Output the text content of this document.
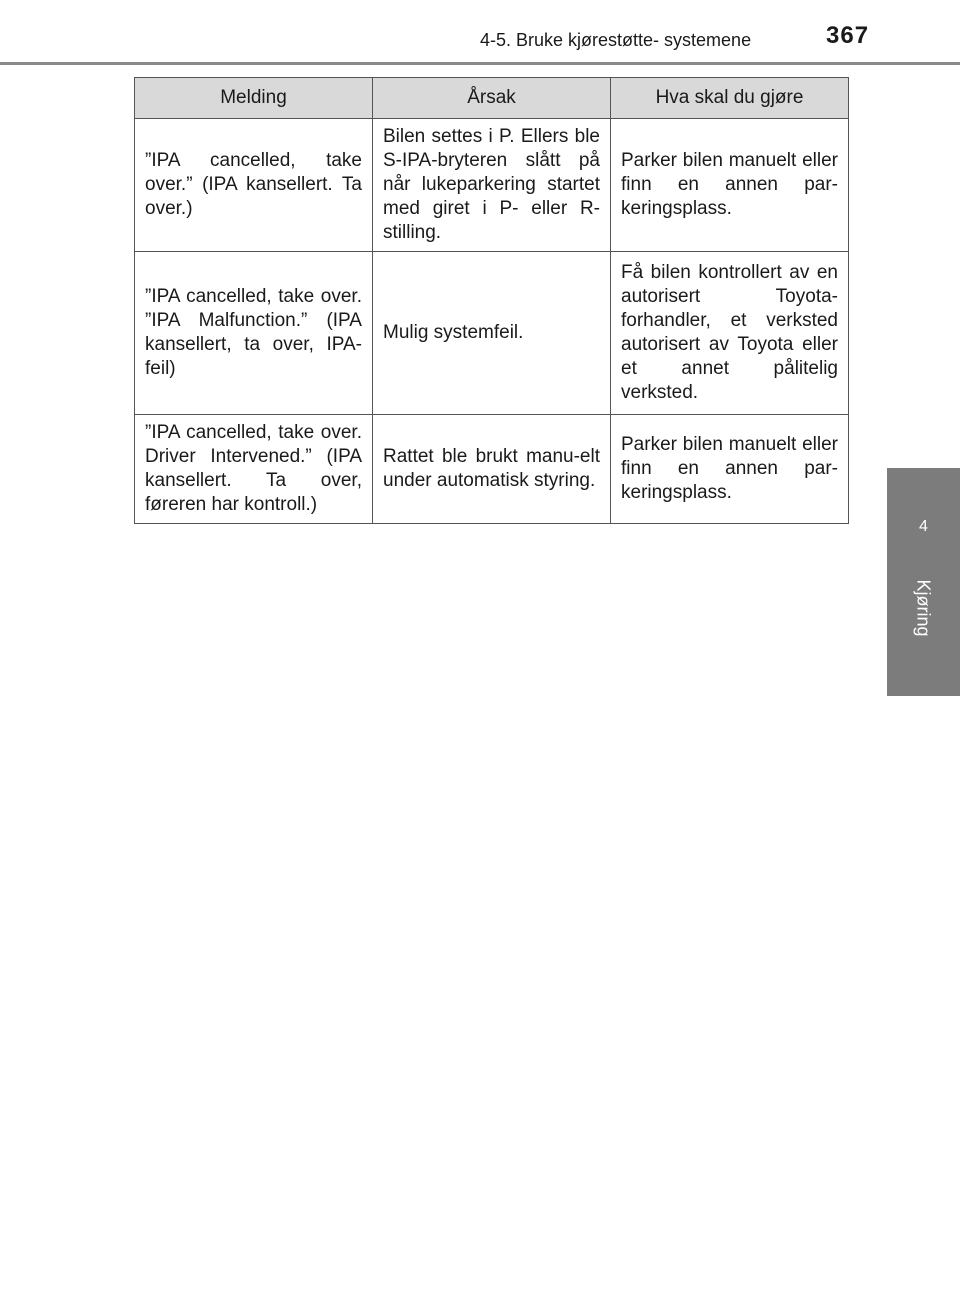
4-5. Bruke kjørestøtte- systemene	367
4
Kjøring
Melding	Årsak	Hva skal du gjøre
”IPA cancelled, take over.” (IPA kansellert. Ta over.)	Bilen settes i P. Ellers ble S-IPA-bryteren slått på når lukeparkering startet med giret i P- eller R-stilling.	Parker bilen manuelt eller finn en annen par-keringsplass.
”IPA cancelled, take over. ”IPA Malfunction.” (IPA kansellert, ta over, IPA-feil)	Mulig systemfeil.	Få bilen kontrollert av en autorisert Toyota-forhandler, et verksted autorisert av Toyota eller et annet pålitelig verksted.
”IPA cancelled, take over. Driver Intervened.” (IPA kansellert. Ta over, føreren har kontroll.)	Rattet ble brukt manu-elt under automatisk styring.	Parker bilen manuelt eller finn en annen par-keringsplass.
